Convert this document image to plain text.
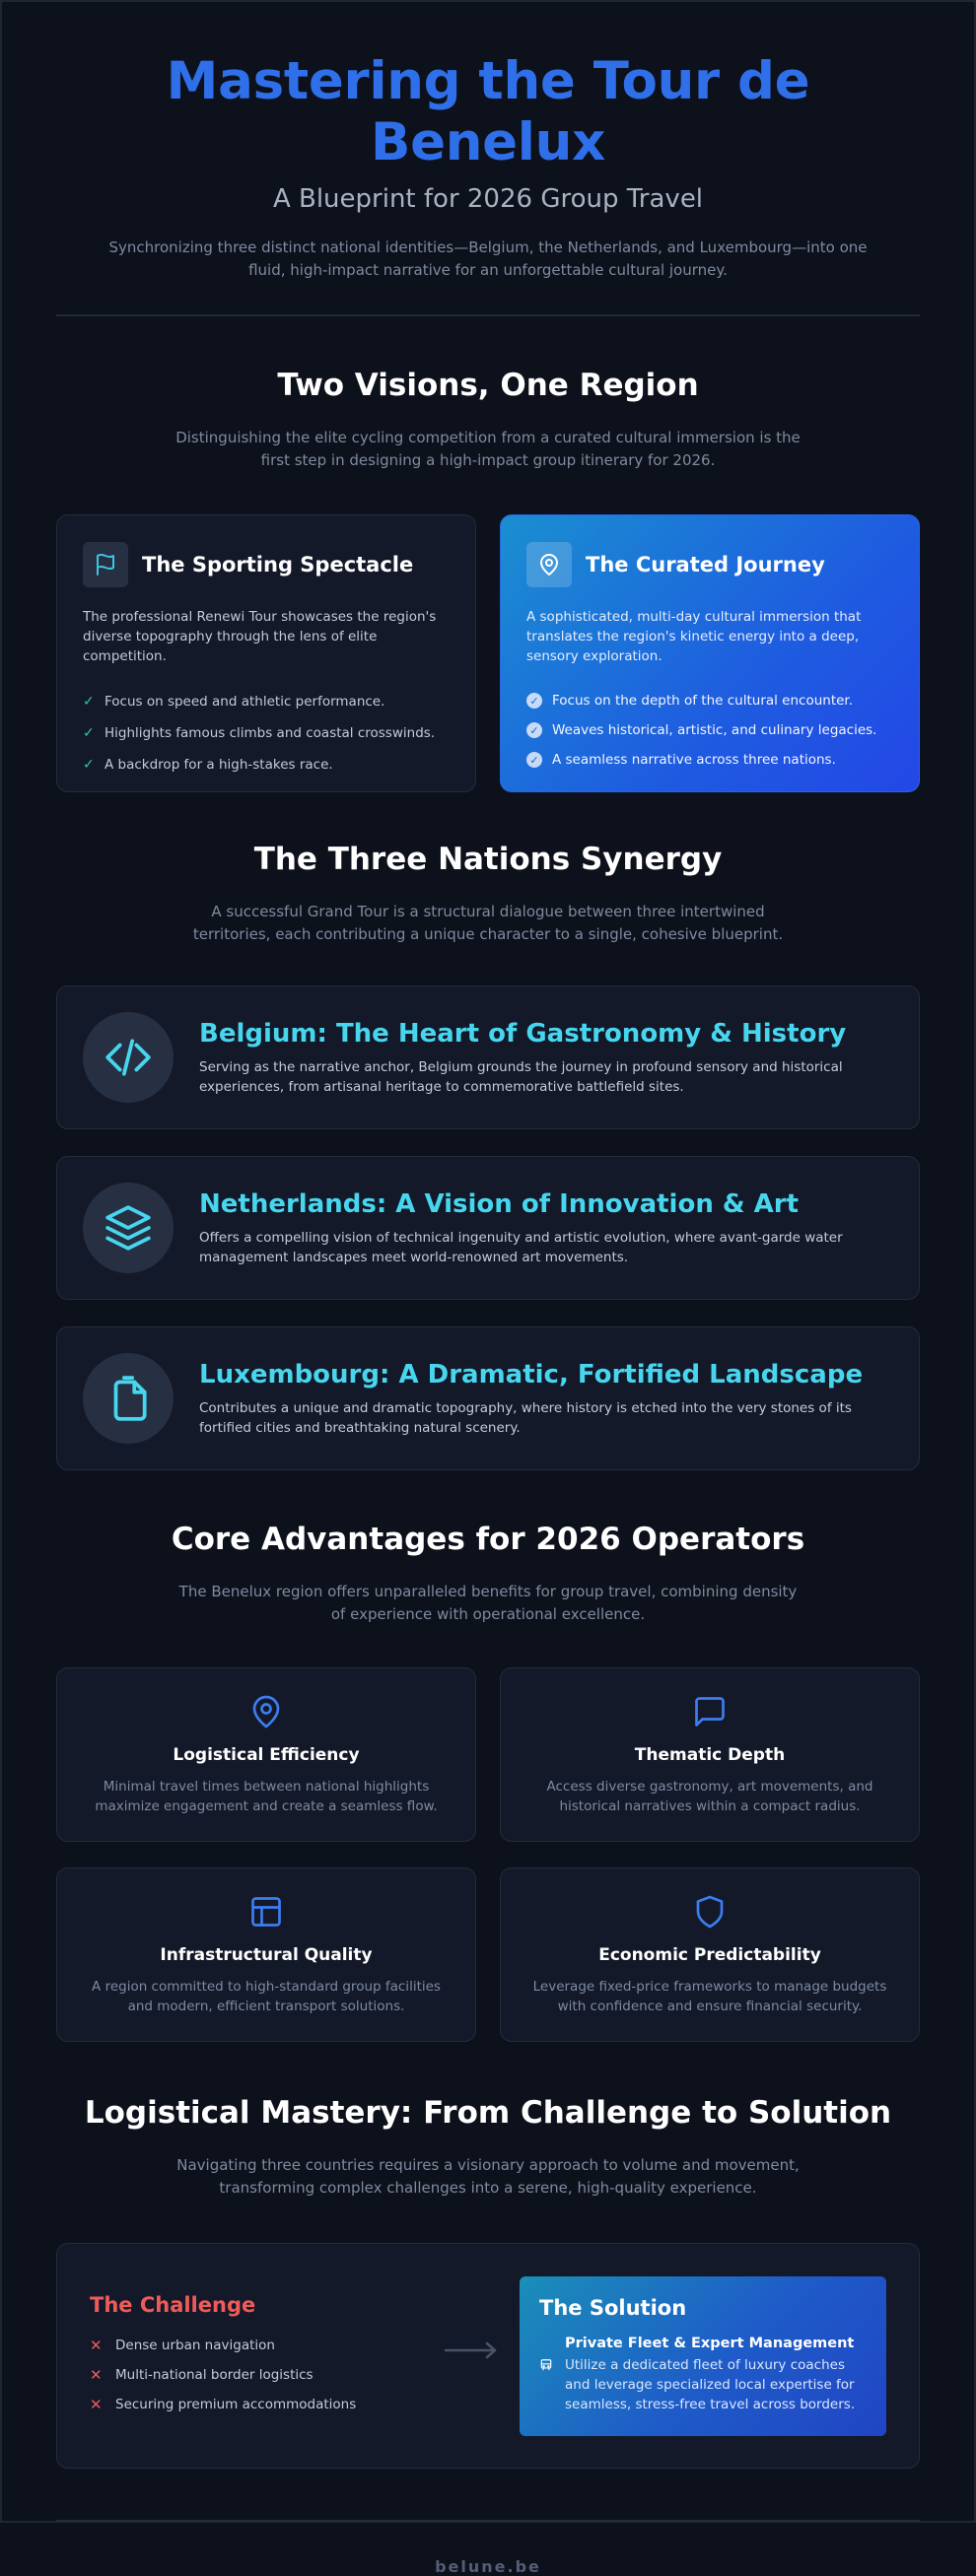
Mastering the Tour de Benelux
A Blueprint for 2026 Group Travel
Synchronizing three distinct national identities—Belgium, the Netherlands, and Luxembourg—into one fluid, high-impact narrative for an unforgettable cultural journey.
Two Visions, One Region
Distinguishing the elite cycling competition from a curated cultural immersion is the first step in designing a high-impact group itinerary for 2026.
The Sporting Spectacle
The professional Renewi Tour showcases the region's diverse topography through the lens of elite competition.
✓ Focus on speed and athletic performance.
✓ Highlights famous climbs and coastal crosswinds.
✓ A backdrop for a high-stakes race.
The Curated Journey
A sophisticated, multi-day cultural immersion that translates the region's kinetic energy into a deep, sensory exploration.
✓ Focus on the depth of the cultural encounter.
✓ Weaves historical, artistic, and culinary legacies.
✓ A seamless narrative across three nations.
The Three Nations Synergy
A successful Grand Tour is a structural dialogue between three intertwined territories, each contributing a unique character to a single, cohesive blueprint.
Belgium: The Heart of Gastronomy & History
Serving as the narrative anchor, Belgium grounds the journey in profound sensory and historical experiences, from artisanal heritage to commemorative battlefield sites.
Netherlands: A Vision of Innovation & Art
Offers a compelling vision of technical ingenuity and artistic evolution, where avant-garde water management landscapes meet world-renowned art movements.
Luxembourg: A Dramatic, Fortified Landscape
Contributes a unique and dramatic topography, where history is etched into the very stones of its fortified cities and breathtaking natural scenery.
Core Advantages for 2026 Operators
The Benelux region offers unparalleled benefits for group travel, combining density of experience with operational excellence.
Logistical Efficiency
Minimal travel times between national highlights maximize engagement and create a seamless flow.
Thematic Depth
Access diverse gastronomy, art movements, and historical narratives within a compact radius.
Infrastructural Quality
A region committed to high-standard group facilities and modern, efficient transport solutions.
Economic Predictability
Leverage fixed-price frameworks to manage budgets with confidence and ensure financial security.
Logistical Mastery: From Challenge to Solution
Navigating three countries requires a visionary approach to volume and movement, transforming complex challenges into a serene, high-quality experience.
The Challenge
✕ Dense urban navigation
✕ Multi-national border logistics
✕ Securing premium accommodations
The Solution
Private Fleet & Expert Management
Utilize a dedicated fleet of luxury coaches and leverage specialized local expertise for seamless, stress-free travel across borders.
belune.be
